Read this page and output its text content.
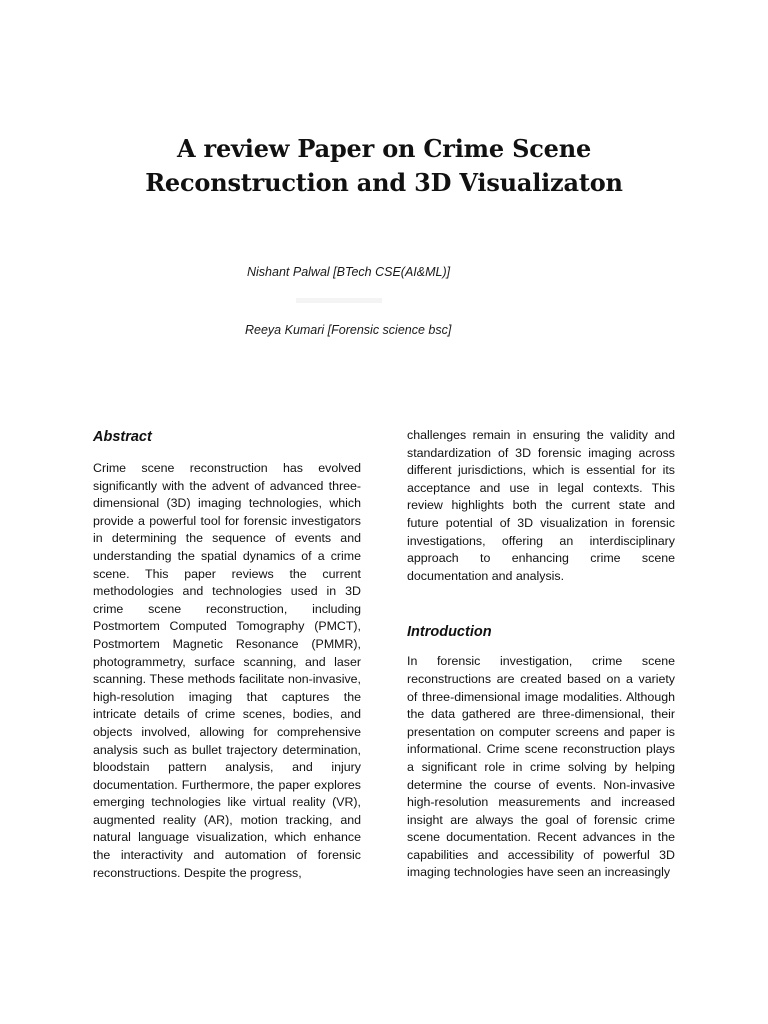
A review Paper on Crime Scene
Reconstruction and 3D Visualizaton

Nishant Palwal [BTech CSE(AI&ML)]

Reeya Kumari [Forensic science bsc]

Abstract

Crime scene reconstruction has evolved significantly with the advent of advanced three-dimensional (3D) imaging technologies, which provide a powerful tool for forensic investigators in determining the sequence of events and understanding the spatial dynamics of a crime scene. This paper reviews the current methodologies and technologies used in 3D crime scene reconstruction, including Postmortem Computed Tomography (PMCT), Postmortem Magnetic Resonance (PMMR), photogrammetry, surface scanning, and laser scanning. These methods facilitate non-invasive, high-resolution imaging that captures the intricate details of crime scenes, bodies, and objects involved, allowing for comprehensive analysis such as bullet trajectory determination, bloodstain pattern analysis, and injury documentation. Furthermore, the paper explores emerging technologies like virtual reality (VR), augmented reality (AR), motion tracking, and natural language visualization, which enhance the interactivity and automation of forensic reconstructions. Despite the progress,

challenges remain in ensuring the validity and standardization of 3D forensic imaging across different jurisdictions, which is essential for its acceptance and use in legal contexts. This review highlights both the current state and future potential of 3D visualization in forensic investigations, offering an interdisciplinary approach to enhancing crime scene documentation and analysis.

Introduction

In forensic investigation, crime scene reconstructions are created based on a variety of three-dimensional image modalities. Although the data gathered are three-dimensional, their presentation on computer screens and paper is informational. Crime scene reconstruction plays a significant role in crime solving by helping determine the course of events. Non-invasive high-resolution measurements and increased insight are always the goal of forensic crime scene documentation. Recent advances in the capabilities and accessibility of powerful 3D imaging technologies have seen an increasingly
